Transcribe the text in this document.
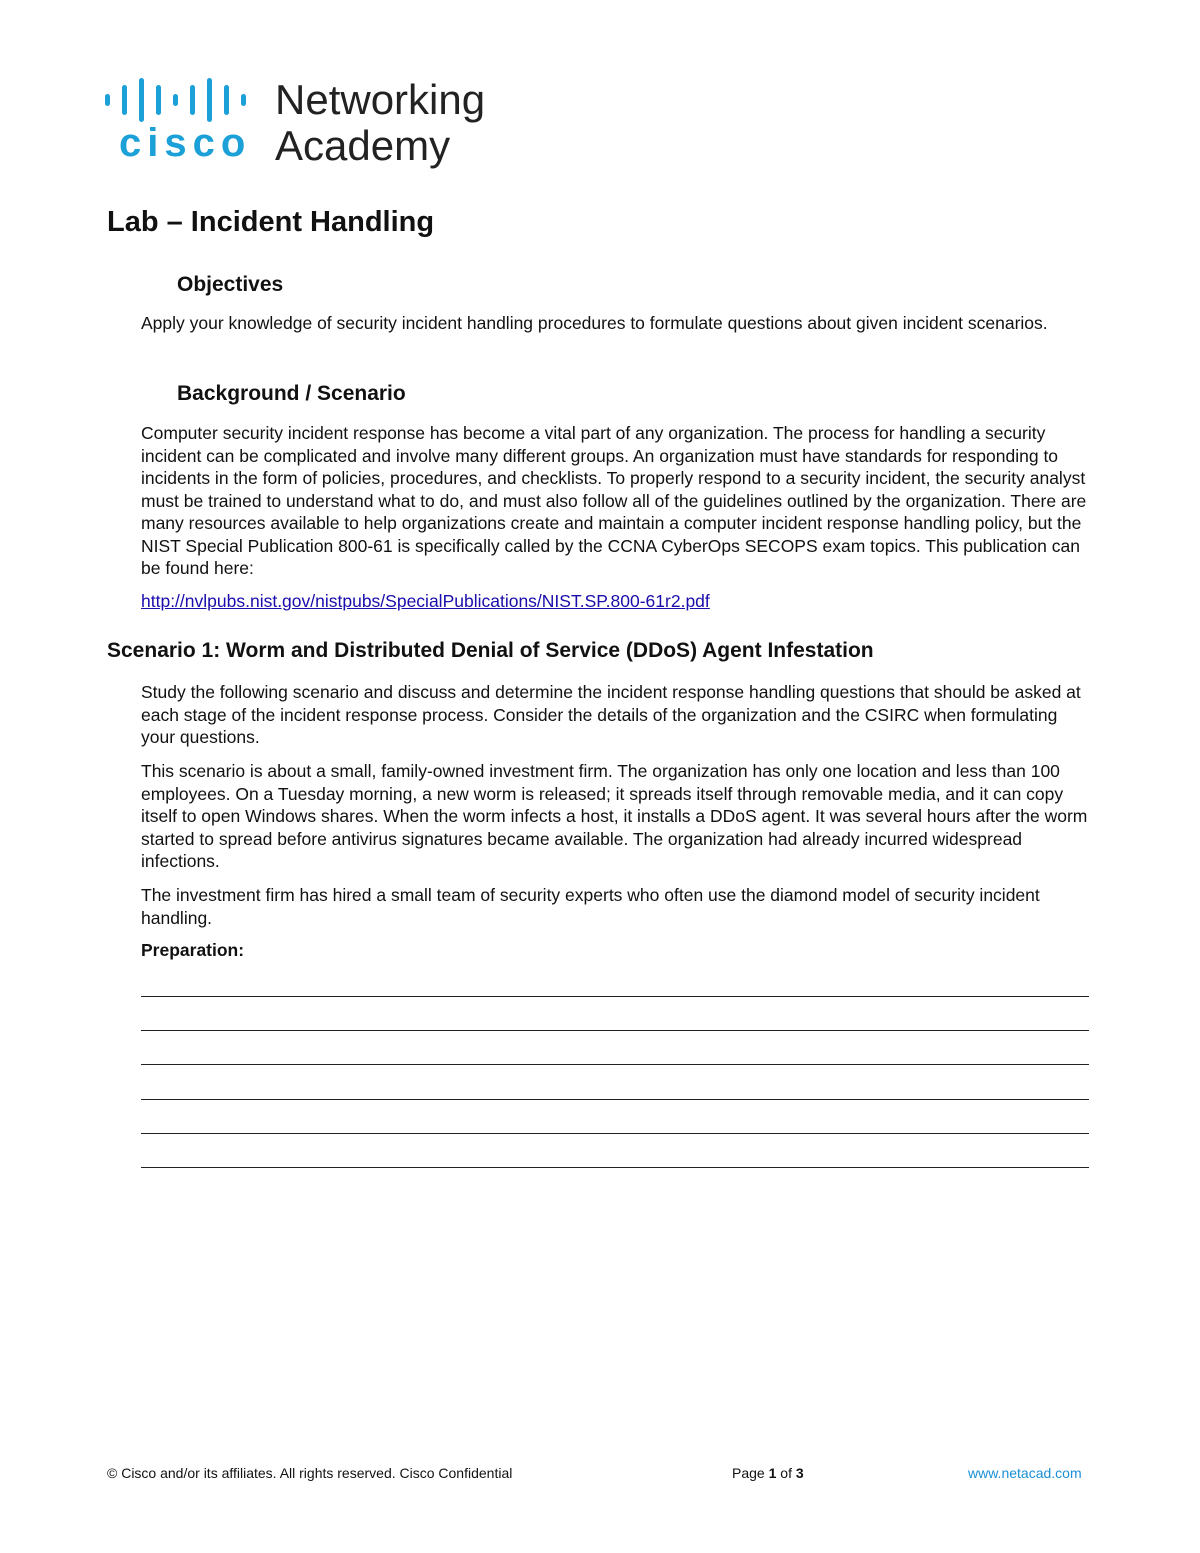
cisco
Networking
Academy
Lab – Incident Handling
Objectives

Apply your knowledge of security incident handling procedures to formulate questions about given incident scenarios.

Background / Scenario

Computer security incident response has become a vital part of any organization. The process for handling a security incident can be complicated and involve many different groups. An organization must have standards for responding to incidents in the form of policies, procedures, and checklists. To properly respond to a security incident, the security analyst must be trained to understand what to do, and must also follow all of the guidelines outlined by the organization. There are many resources available to help organizations create and maintain a computer incident response handling policy, but the NIST Special Publication 800-61 is specifically called by the CCNA CyberOps SECOPS exam topics. This publication can be found here:

http://nvlpubs.nist.gov/nistpubs/SpecialPublications/NIST.SP.800-61r2.pdf
Scenario 1: Worm and Distributed Denial of Service (DDoS) Agent Infestation

Study the following scenario and discuss and determine the incident response handling questions that should be asked at each stage of the incident response process. Consider the details of the organization and the CSIRC when formulating your questions.

This scenario is about a small, family-owned investment firm. The organization has only one location and less than 100 employees. On a Tuesday morning, a new worm is released; it spreads itself through removable media, and it can copy itself to open Windows shares. When the worm infects a host, it installs a DDoS agent. It was several hours after the worm started to spread before antivirus signatures became available. The organization had already incurred widespread infections.

The investment firm has hired a small team of security experts who often use the diamond model of security incident handling.

Preparation:

© Cisco and/or its affiliates. All rights reserved. Cisco Confidential	Page 1 of 3	www.netacad.com
